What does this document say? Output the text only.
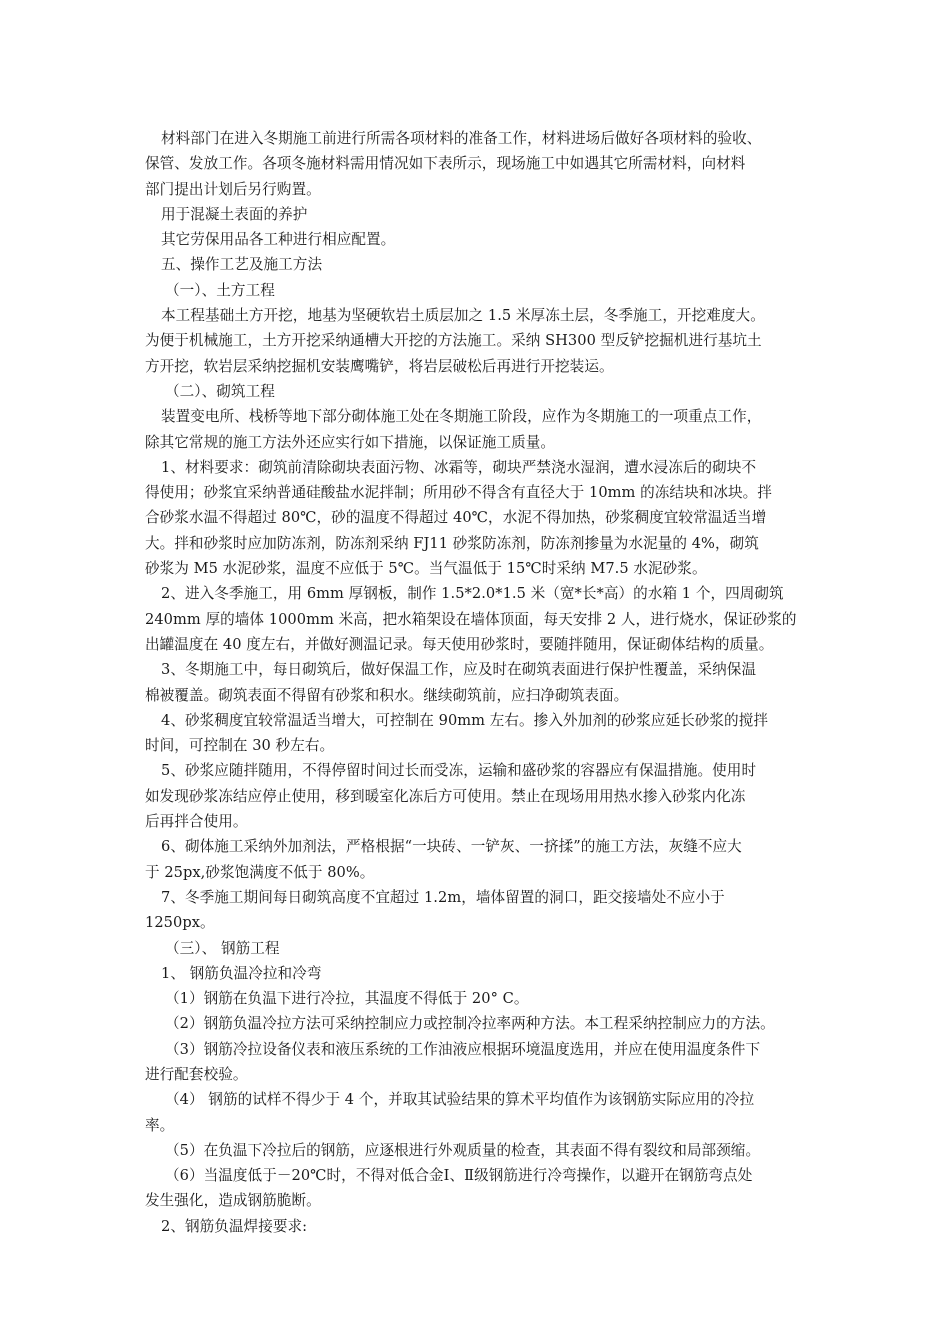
材料部门在进入冬期施工前进行所需各项材料的准备工作，材料进场后做好各项材料的验收、

保管、发放工作。各项冬施材料需用情况如下表所示，现场施工中如遇其它所需材料，向材料

部门提出计划后另行购置。

用于混凝土表面的养护

其它劳保用品各工种进行相应配置。

五、操作工艺及施工方法

（一）、土方工程

本工程基础土方开挖，地基为坚硬软岩土质层加之 1.5 米厚冻土层，冬季施工，开挖难度大。

为便于机械施工，土方开挖采纳通槽大开挖的方法施工。采纳 SH300 型反铲挖掘机进行基坑土

方开挖，软岩层采纳挖掘机安装鹰嘴铲，将岩层破松后再进行开挖装运。

（二）、砌筑工程

装置变电所、栈桥等地下部分砌体施工处在冬期施工阶段，应作为冬期施工的一项重点工作，

除其它常规的施工方法外还应实行如下措施，以保证施工质量。

1、材料要求：砌筑前清除砌块表面污物、冰霜等，砌块严禁浇水湿润，遭水浸冻后的砌块不

得使用；砂浆宜采纳普通硅酸盐水泥拌制；所用砂不得含有直径大于 10mm 的冻结块和冰块。拌

合砂浆水温不得超过 80℃，砂的温度不得超过 40℃，水泥不得加热，砂浆稠度宜较常温适当增

大。拌和砂浆时应加防冻剂，防冻剂采纳 FJ11 砂浆防冻剂，防冻剂掺量为水泥量的 4%，砌筑

砂浆为 M5 水泥砂浆，温度不应低于 5℃。当气温低于 15℃时采纳 M7.5 水泥砂浆。

2、进入冬季施工，用 6mm 厚钢板，制作 1.5*2.0*1.5 米（宽*长*高）的水箱 1 个，四周砌筑

240mm 厚的墙体 1000mm 米高，把水箱架设在墙体顶面，每天安排 2 人，进行烧水，保证砂浆的

出罐温度在 40 度左右，并做好测温记录。每天使用砂浆时，要随拌随用，保证砌体结构的质量。

3、冬期施工中，每日砌筑后，做好保温工作，应及时在砌筑表面进行保护性覆盖，采纳保温

棉被覆盖。砌筑表面不得留有砂浆和积水。继续砌筑前，应扫净砌筑表面。

4、砂浆稠度宜较常温适当增大，可控制在 90mm 左右。掺入外加剂的砂浆应延长砂浆的搅拌

时间，可控制在 30 秒左右。

5、砂浆应随拌随用，不得停留时间过长而受冻，运输和盛砂浆的容器应有保温措施。使用时

如发现砂浆冻结应停止使用，移到暖室化冻后方可使用。禁止在现场用用热水掺入砂浆内化冻

后再拌合使用。

6、砌体施工采纳外加剂法，严格根据“一块砖、一铲灰、一挤揉”的施工方法，灰缝不应大

于 25px,砂浆饱满度不低于 80%。

7、冬季施工期间每日砌筑高度不宜超过 1.2m，墙体留置的洞口，距交接墙处不应小于

1250px。

（三）、 钢筋工程

1、 钢筋负温冷拉和冷弯

（1）钢筋在负温下进行冷拉，其温度不得低于 20° C。

（2）钢筋负温冷拉方法可采纳控制应力或控制冷拉率两种方法。本工程采纳控制应力的方法。

（3）钢筋冷拉设备仪表和液压系统的工作油液应根据环境温度选用，并应在使用温度条件下

进行配套校验。

（4） 钢筋的试样不得少于 4 个，并取其试验结果的算术平均值作为该钢筋实际应用的冷拉

率。

（5）在负温下冷拉后的钢筋，应逐根进行外观质量的检查，其表面不得有裂纹和局部颈缩。

（6）当温度低于－20℃时，不得对低合金Ⅰ、Ⅱ级钢筋进行冷弯操作，以避开在钢筋弯点处

发生强化，造成钢筋脆断。

2、钢筋负温焊接要求:
